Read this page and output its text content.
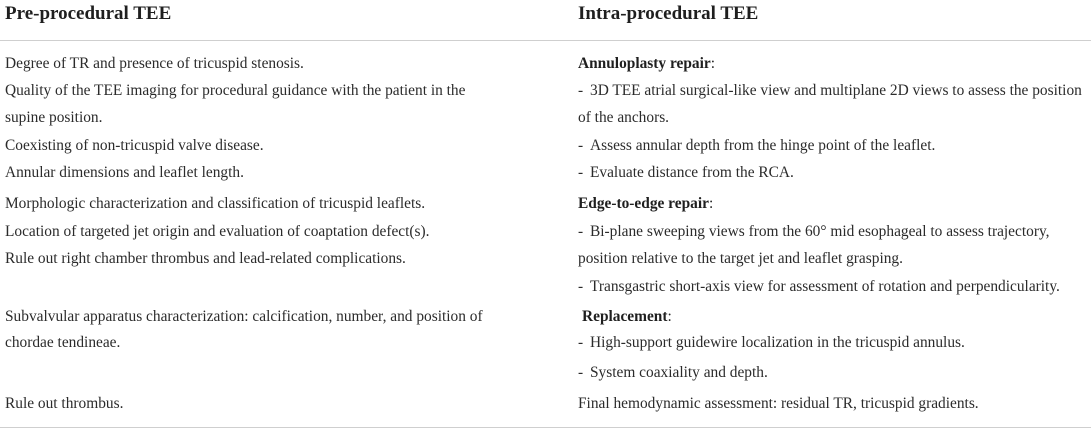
Pre-procedural TEE	Intra-procedural TEE
Degree of TR and presence of tricuspid stenosis.
Quality of the TEE imaging for procedural guidance with the patient in the
supine position.
Coexisting of non-tricuspid valve disease.
Annular dimensions and leaflet length.
Morphologic characterization and classification of tricuspid leaflets.
Location of targeted jet origin and evaluation of coaptation defect(s).
Rule out right chamber thrombus and lead-related complications.
Subvalvular apparatus characterization: calcification, number, and position of
chordae tendineae.
Rule out thrombus.
Annuloplasty repair:
- 3D TEE atrial surgical-like view and multiplane 2D views to assess the position
of the anchors.
- Assess annular depth from the hinge point of the leaflet.
- Evaluate distance from the RCA.
Edge-to-edge repair:
- Bi-plane sweeping views from the 60° mid esophageal to assess trajectory,
position relative to the target jet and leaflet grasping.
- Transgastric short-axis view for assessment of rotation and perpendicularity.
Replacement:
- High-support guidewire localization in the tricuspid annulus.
- System coaxiality and depth.
Final hemodynamic assessment: residual TR, tricuspid gradients.
